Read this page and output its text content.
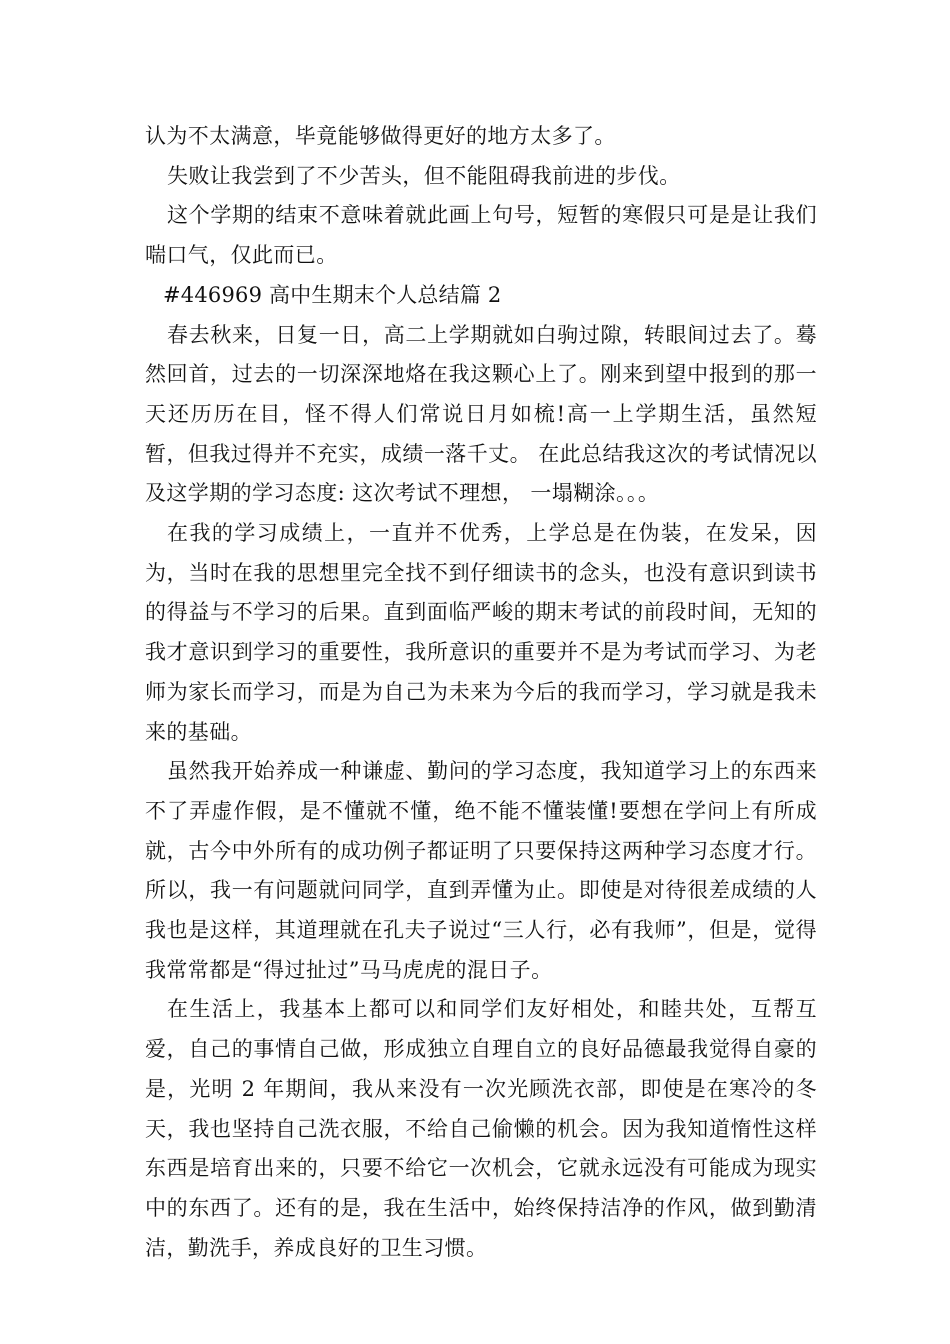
认为不太满意，毕竟能够做得更好的地方太多了。

失败让我尝到了不少苦头，但不能阻碍我前进的步伐。

这个学期的结束不意味着就此画上句号，短暂的寒假只可是是让我们喘口气，仅此而已。

#446969 高中生期末个人总结篇 2

春去秋来，日复一日，高二上学期就如白驹过隙，转眼间过去了。蓦然回首，过去的一切深深地烙在我这颗心上了。刚来到望中报到的那一天还历历在目，怪不得人们常说日月如梳!高一上学期生活，虽然短暂，但我过得并不充实，成绩一落千丈。 在此总结我这次的考试情况以及这学期的学习态度: 这次考试不理想， 一塌糊涂。。。

在我的学习成绩上，一直并不优秀，上学总是在伪装，在发呆，因为，当时在我的思想里完全找不到仔细读书的念头，也没有意识到读书的得益与不学习的后果。直到面临严峻的期末考试的前段时间，无知的我才意识到学习的重要性，我所意识的重要并不是为考试而学习、为老师为家长而学习，而是为自己为未来为今后的我而学习，学习就是我未来的基础。

虽然我开始养成一种谦虚、勤问的学习态度，我知道学习上的东西来不了弄虚作假，是不懂就不懂，绝不能不懂装懂!要想在学问上有所成就，古今中外所有的成功例子都证明了只要保持这两种学习态度才行。所以，我一有问题就问同学，直到弄懂为止。即使是对待很差成绩的人我也是这样，其道理就在孔夫子说过“三人行，必有我师”，但是，觉得我常常都是“得过扯过”马马虎虎的混日子。

在生活上，我基本上都可以和同学们友好相处，和睦共处，互帮互爱，自己的事情自己做，形成独立自理自立的良好品德最我觉得自豪的是，光明 2 年期间，我从来没有一次光顾洗衣部，即使是在寒冷的冬天，我也坚持自己洗衣服，不给自己偷懒的机会。因为我知道惰性这样东西是培育出来的，只要不给它一次机会，它就永远没有可能成为现实中的东西了。还有的是，我在生活中，始终保持洁净的作风，做到勤清洁，勤洗手，养成良好的卫生习惯。
